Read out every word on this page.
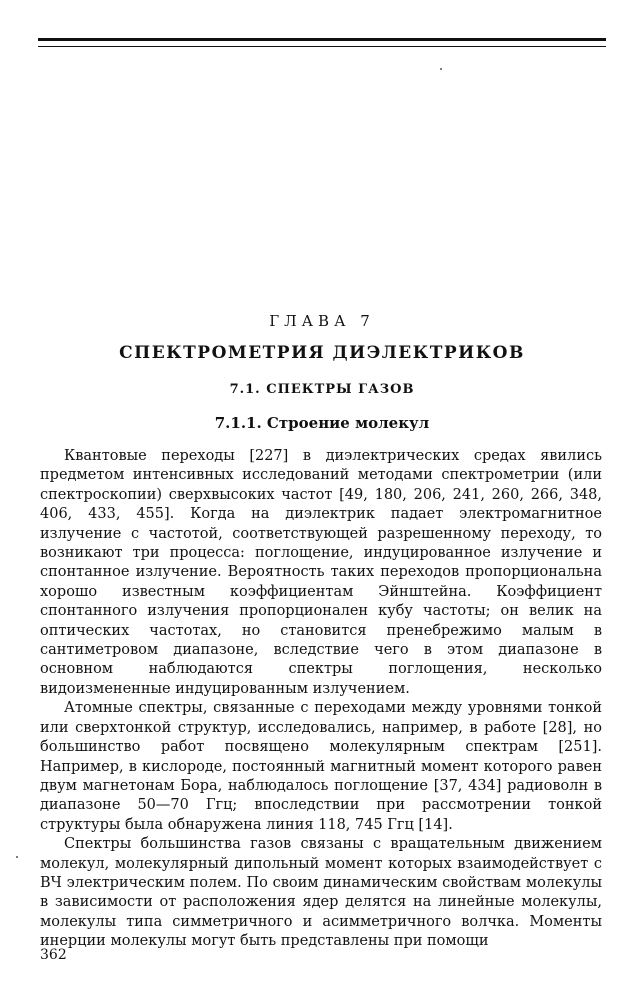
ГЛАВА 7
СПЕКТРОМЕТРИЯ ДИЭЛЕКТРИКОВ
7.1. СПЕКТРЫ ГАЗОВ
7.1.1. Строение молекул

Квантовые переходы [227] в диэлектрических средах явились предметом интенсивных исследований методами спектрометрии (или спектроскопии) сверхвысоких частот [49, 180, 206, 241, 260, 266, 348, 406, 433, 455]. Когда на диэлектрик падает электромагнитное излучение с частотой, соответствующей разрешенному переходу, то возникают три процесса: поглощение, индуцированное излучение и спонтанное излучение. Вероятность таких переходов пропорциональна хорошо известным коэффициентам Эйнштейна. Коэффициент спонтанного излучения пропорционален кубу частоты; он велик на оптических частотах, но становится пренебрежимо малым в сантиметровом диапазоне, вследствие чего в этом диапазоне в основном наблюдаются спектры поглощения, несколько видоизмененные индуцированным излучением.

Атомные спектры, связанные с переходами между уровнями тонкой или сверхтонкой структур, исследовались, например, в работе [28], но большинство работ посвящено молекулярным спектрам [251]. Например, в кислороде, постоянный магнитный момент которого равен двум магнетонам Бора, наблюдалось поглощение [37, 434] радиоволн в диапазоне 50—70 Ггц; впоследствии при рассмотрении тонкой структуры была обнаружена линия 118, 745 Ггц [14].

Спектры большинства газов связаны с вращательным движением молекул, молекулярный дипольный момент которых взаимодействует с ВЧ электрическим полем. По своим динамическим свойствам молекулы в зависимости от расположения ядер делятся на линейные молекулы, молекулы типа симметричного и асимметричного волчка. Моменты инерции молекулы могут быть представлены при помощи

362
